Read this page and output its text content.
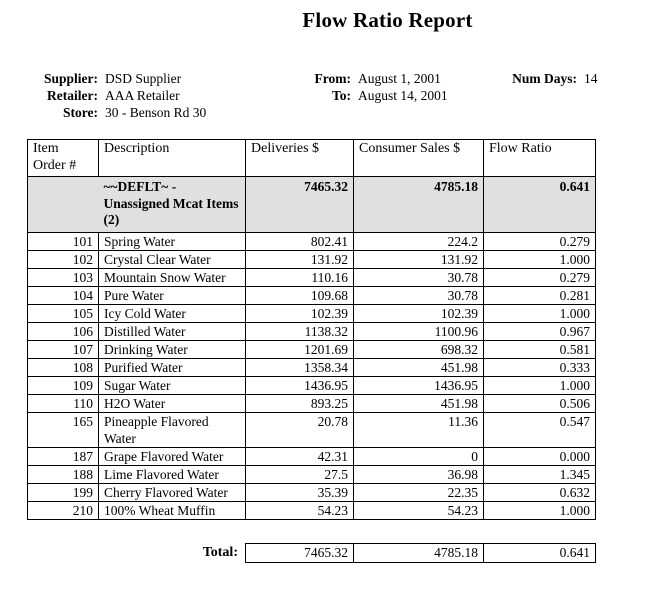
Flow Ratio Report
Supplier: DSD Supplier
Retailer: AAA Retailer
Store: 30 - Benson Rd 30
From: August 1, 2001
To: August 14, 2001
Num Days: 14
Item
Order #	Description	Deliveries $	Consumer Sales $	Flow Ratio
	~~DEFLT~ - Unassigned Mcat Items (2)	7465.32	4785.18	0.641
101	Spring Water	802.41	224.2	0.279
102	Crystal Clear Water	131.92	131.92	1.000
103	Mountain Snow Water	110.16	30.78	0.279
104	Pure Water	109.68	30.78	0.281
105	Icy Cold Water	102.39	102.39	1.000
106	Distilled Water	1138.32	1100.96	0.967
107	Drinking Water	1201.69	698.32	0.581
108	Purified Water	1358.34	451.98	0.333
109	Sugar Water	1436.95	1436.95	1.000
110	H2O Water	893.25	451.98	0.506
165	Pineapple Flavored Water	20.78	11.36	0.547
187	Grape Flavored Water	42.31	0	0.000
188	Lime Flavored Water	27.5	36.98	1.345
199	Cherry Flavored Water	35.39	22.35	0.632
210	100% Wheat Muffin	54.23	54.23	1.000
Total:	7465.32	4785.18	0.641
